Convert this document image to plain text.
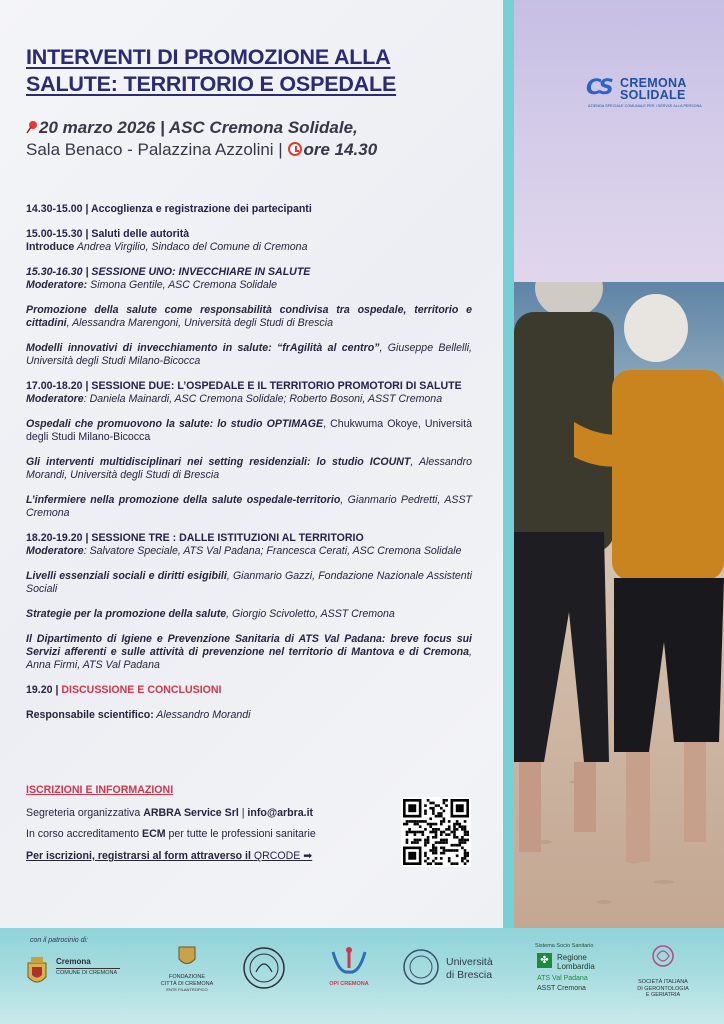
CS CREMONA
SOLIDALE
AZIENDA SPECIALE COMUNALE PER I SERVIZI ALLA PERSONA
INTERVENTI DI PROMOZIONE ALLA
SALUTE: TERRITORIO E OSPEDALE
20 marzo 2026 | ASC Cremona Solidale,
Sala Benaco - Palazzina Azzolini | ore 14.30

14.30-15.00 | Accoglienza e registrazione dei partecipanti

15.00-15.30 | Saluti delle autorità

Introduce Andrea Virgilio, Sindaco del Comune di Cremona

15.30-16.30 | SESSIONE UNO: INVECCHIARE IN SALUTE

Moderatore: Simona Gentile, ASC Cremona Solidale

Promozione della salute come responsabilità condivisa tra ospedale, territorio e cittadini, Alessandra Marengoni, Università degli Studi di Brescia

Modelli innovativi di invecchiamento in salute: “frAgilità al centro”, Giuseppe Bellelli, Università degli Studi Milano-Bicocca

17.00-18.20 | SESSIONE DUE: L’OSPEDALE E IL TERRITORIO PROMOTORI DI SALUTE

Moderatore: Daniela Mainardi, ASC Cremona Solidale; Roberto Bosoni, ASST Cremona

Ospedali che promuovono la salute: lo studio OPTIMAGE, Chukwuma Okoye, Università degli Studi Milano-Bicocca

Gli interventi multidisciplinari nei setting residenziali: lo studio ICOUNT, Alessandro Morandi, Università degli Studi di Brescia

L’infermiere nella promozione della salute ospedale-territorio, Gianmario Pedretti, ASST Cremona

18.20-19.20 | SESSIONE TRE : DALLE ISTITUZIONI AL TERRITORIO

Moderatore: Salvatore Speciale, ATS Val Padana; Francesca Cerati, ASC Cremona Solidale

Livelli essenziali sociali e diritti esigibili, Gianmario Gazzi, Fondazione Nazionale Assistenti Sociali

Strategie per la promozione della salute, Giorgio Scivoletto, ASST Cremona

Il Dipartimento di Igiene e Prevenzione Sanitaria di ATS Val Padana: breve focus sui Servizi afferenti e sulle attività di prevenzione nel territorio di Mantova e di Cremona, Anna Firmi, ATS Val Padana

19.20 | DISCUSSIONE E CONCLUSIONI

Responsabile scientifico: Alessandro Morandi

ISCRIZIONI E INFORMAZIONI

Segreteria organizzativa ARBRA Service Srl | info@arbra.it
In corso accreditamento ECM per tutte le professioni sanitarie
Per iscrizioni, registrarsi al form attraverso il QRCODE ➡
con il patrocinio di:
Cremona
COMUNE DI CREMONA
FONDAZIONE
CITTÀ DI CREMONA
ENTE FILANTROPICO
OPI CREMONA
Università
di Brescia
Sistema Socio Sanitario
✤	Regione
Lombardia
ATS Val Padana
ASST Cremona
SOCIETÀ ITALIANA
DI GERONTOLOGIA
E GERIATRIA
